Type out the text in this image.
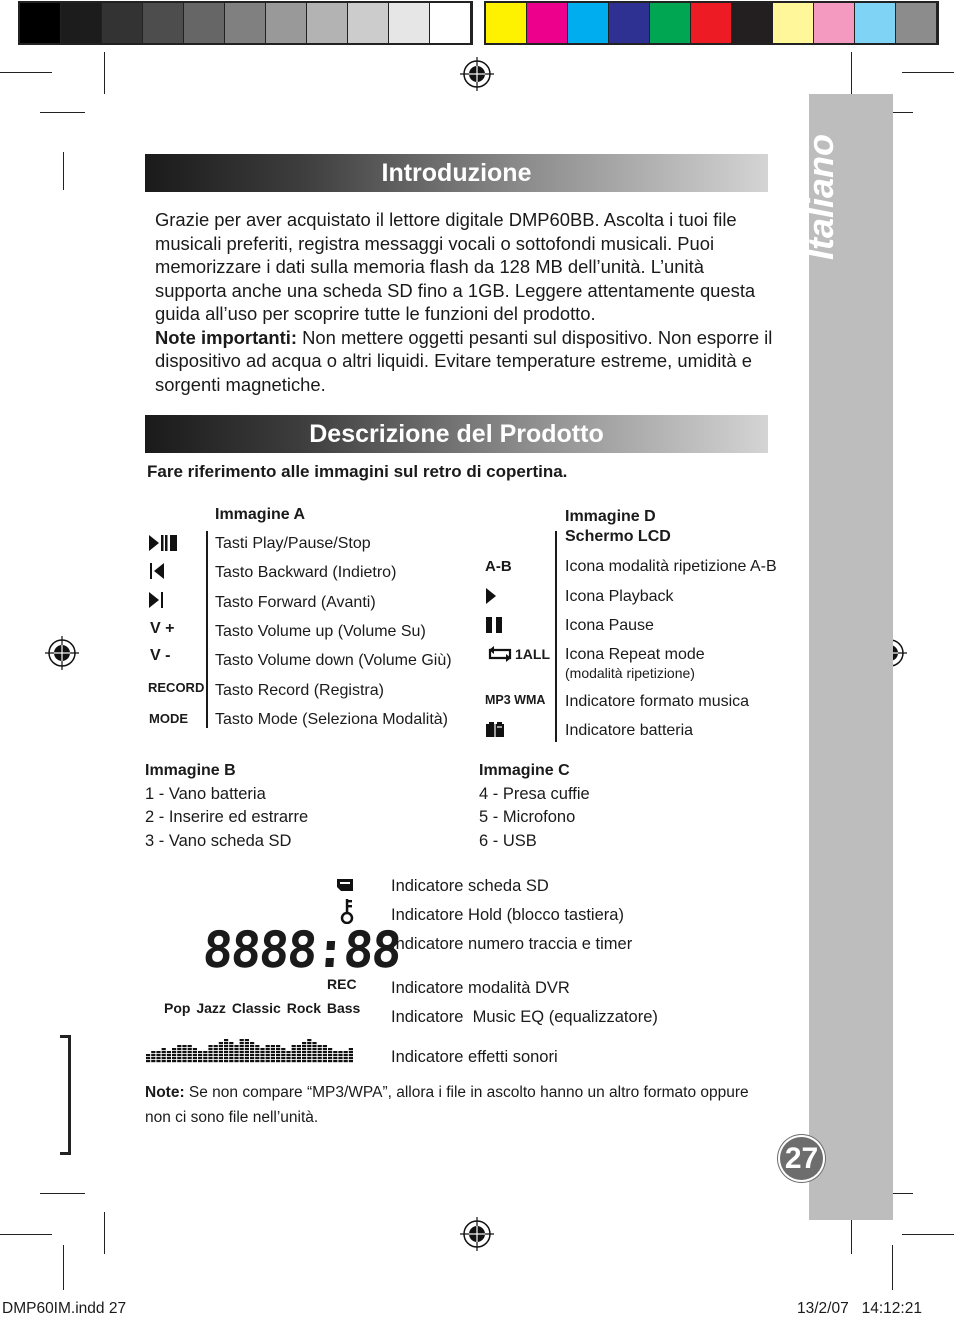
Italiano
27
Introduzione
Descrizione del Prodotto
Grazie per aver acquistato il lettore digitale DMP60BB. Ascolta i tuoi file musicali preferiti, registra messaggi vocali o sottofondi musicali. Puoi memorizzare i dati sulla memoria flash da 128 MB dell’unità. L’unità supporta anche una scheda SD fino a 1GB. Leggere attentamente questa guida all’uso per scoprire tutte le funzioni del prodotto.
Note importanti: Non mettere oggetti pesanti sul dispositivo. Non esporre il dispositivo ad acqua o altri liquidi. Evitare temperature estreme, umidità e sorgenti magnetiche.
Fare riferimento alle immagini sul retro di copertina.
Immagine A
Tasti Play/Pause/Stop
Tasto Backward (Indietro)
Tasto Forward (Avanti)
V +	Tasto Volume up (Volume Su)
V -	Tasto Volume down (Volume Giù)
RECORD Tasto Record (Registra)
MODE Tasto Mode (Seleziona Modalità)
Immagine D
Schermo LCD
A-B	Icona modalità ripetizione A-B
Icona Playback
Icona Pause
1ALL Icona Repeat mode
(modalità ripetizione)
MP3 WMA Indicatore formato musica
Indicatore batteria
Immagine B
1 - Vano batteria
2 - Inserire ed estrarre
3 - Vano scheda SD
Immagine C
4 - Presa cuffie
5 - Microfono
6 - USB
8888:88
REC
Pop Jazz Classic Rock Bass
Indicatore scheda SD
Indicatore Hold (blocco tastiera)
Indicatore numero traccia e timer
Indicatore modalità DVR
Indicatore  Music EQ (equalizzatore)
Indicatore effetti sonori
Note: Se non compare “MP3/WPA”, allora i file in ascolto hanno un altro formato oppure non ci sono file nell’unità.
DMP60IM.indd 27	13/2/07   14:12:21
